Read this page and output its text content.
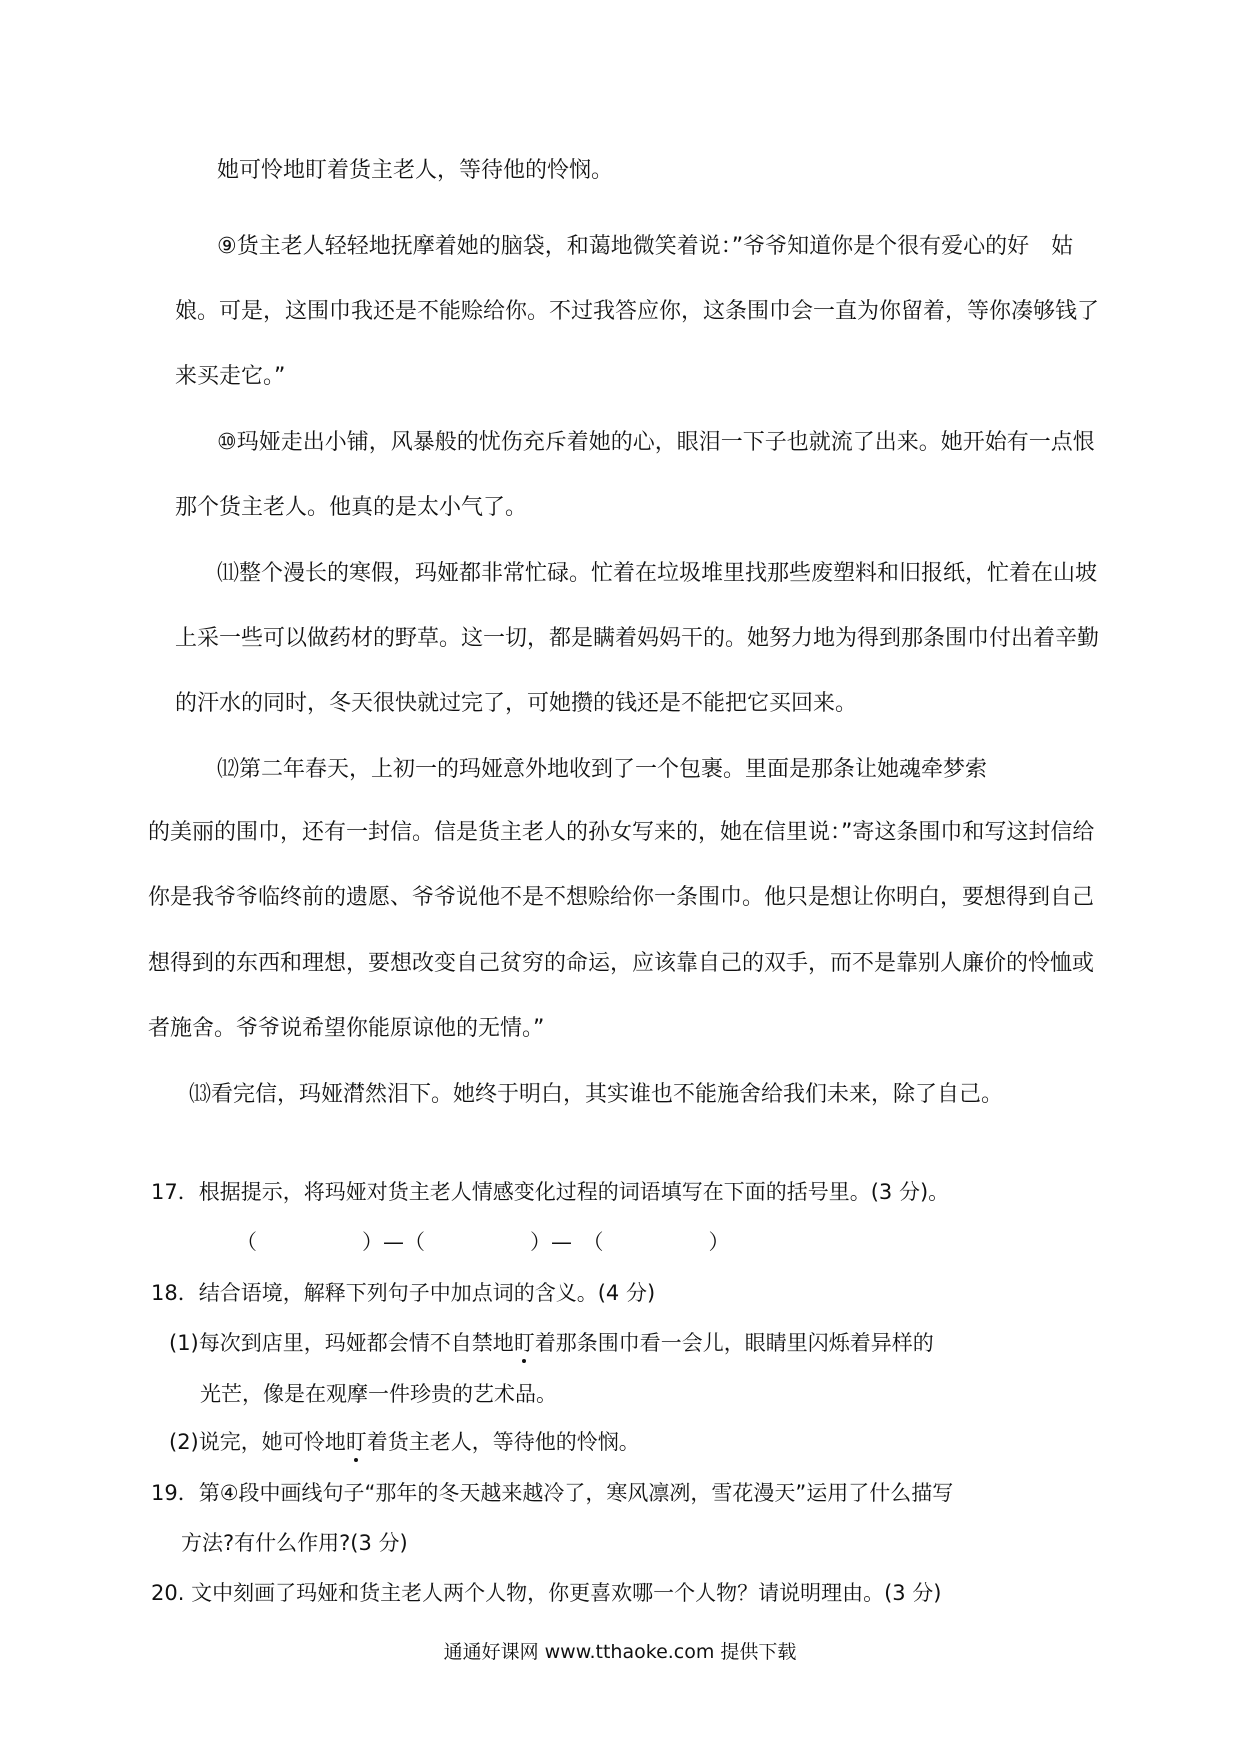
她可怜地盯着货主老人，等待他的怜悯。
⑨货主老人轻轻地抚摩着她的脑袋，和蔼地微笑着说：”爷爷知道你是个很有爱心的好　姑
娘。可是，这围巾我还是不能赊给你。不过我答应你，这条围巾会一直为你留着，等你凑够钱了
来买走它。”
⑩玛娅走出小铺，风暴般的忧伤充斥着她的心，眼泪一下子也就流了出来。她开始有一点恨
那个货主老人。他真的是太小气了。
⑾整个漫长的寒假，玛娅都非常忙碌。忙着在垃圾堆里找那些废塑料和旧报纸，忙着在山坡
上采一些可以做药材的野草。这一切，都是瞒着妈妈干的。她努力地为得到那条围巾付出着辛勤
的汗水的同时，冬天很快就过完了，可她攒的钱还是不能把它买回来。
⑿第二年春天，上初一的玛娅意外地收到了一个包裹。里面是那条让她魂牵梦索
的美丽的围巾，还有一封信。信是货主老人的孙女写来的，她在信里说：”寄这条围巾和写这封信给
你是我爷爷临终前的遗愿、爷爷说他不是不想赊给你一条围巾。他只是想让你明白，要想得到自己
想得到的东西和理想，要想改变自己贫穷的命运，应该靠自己的双手，而不是靠别人廉价的怜恤或
者施舍。爷爷说希望你能原谅他的无情。”
⒀看完信，玛娅潸然泪下。她终于明白，其实谁也不能施舍给我们未来，除了自己。
17．根据提示，将玛娅对货主老人情感变化过程的词语填写在下面的括号里。(3 分)。
（　　　　　）—（　　　　　）—　（　　　　　）
18．结合语境，解释下列句子中加点词的含义。(4 分)
(1)每次到店里，玛娅都会情不自禁地盯着那条围巾看一会儿，眼睛里闪烁着异样的
光芒，像是在观摩一件珍贵的艺术品。
(2)说完，她可怜地盯着货主老人，等待他的怜悯。
19．第④段中画线句子“那年的冬天越来越冷了，寒风凛冽，雪花漫天”运用了什么描写
方法?有什么作用?(3 分)
20. 文中刻画了玛娅和货主老人两个人物，你更喜欢哪一个人物？请说明理由。(3 分)
通通好课网 www.tthaoke.com 提供下载
